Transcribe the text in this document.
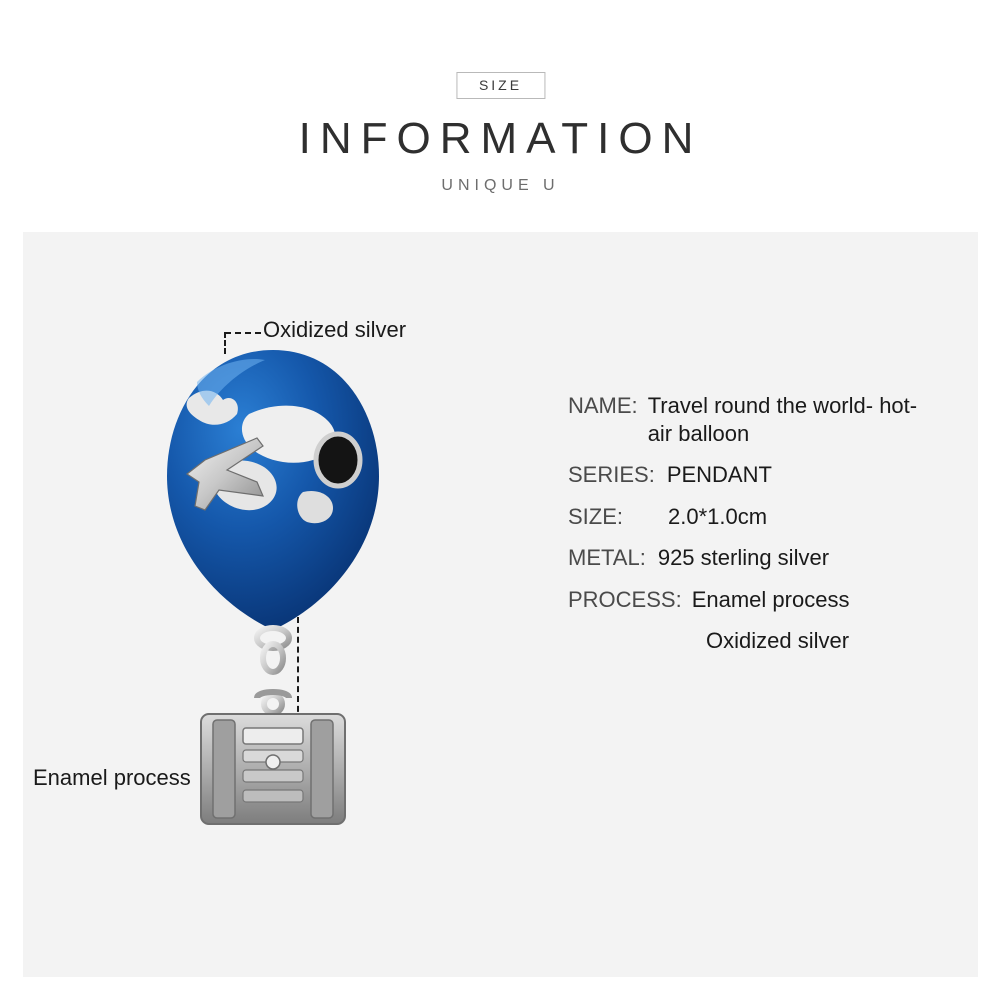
SIZE
INFORMATION
UNIQUE U
Oxidized silver
Enamel process
NAME: Travel round the world- hot-air balloon
SERIES: PENDANT
SIZE: 2.0*1.0cm
METAL: 925 sterling silver
PROCESS: Enamel process
Oxidized silver
